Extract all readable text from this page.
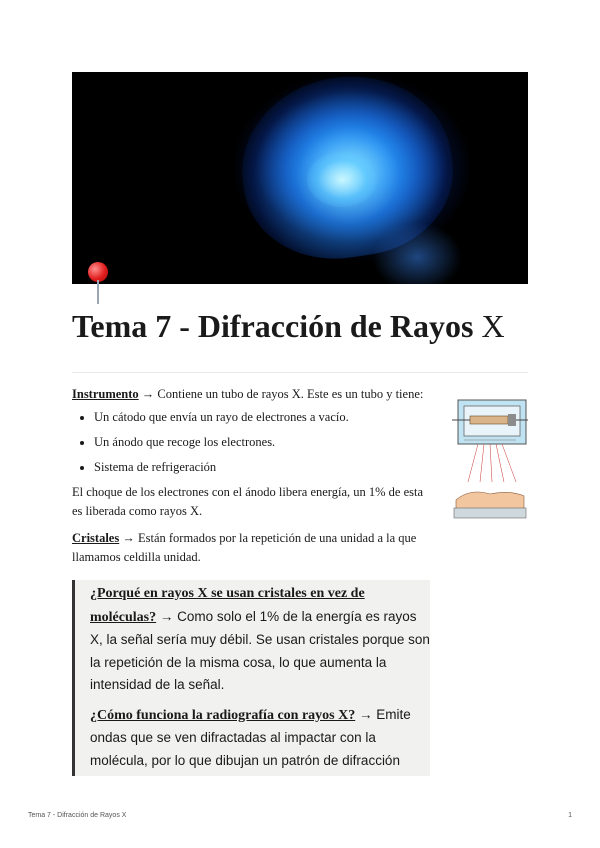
Tema 7 - Difracción de Rayos X

Instrumento → Contiene un tubo de rayos X. Este es un tubo y tiene:

• Un cátodo que envía un rayo de electrones a vacío.
• Un ánodo que recoge los electrones.
• Sistema de refrigeración

El choque de los electrones con el ánodo libera energía, un 1% de esta es liberada como rayos X.

Cristales → Están formados por la repetición de una unidad a la que llamamos celdilla unidad.

¿Porqué en rayos X se usan cristales en vez de moléculas? → Como solo el 1% de la energía es rayos X, la señal sería muy débil. Se usan cristales porque son la repetición de la misma cosa, lo que aumenta la intensidad de la señal.

¿Cómo funciona la radiografía con rayos X? → Emite ondas que se ven difractadas al impactar con la molécula, por lo que dibujan un patrón de difracción

Tema 7 - Difracción de Rayos X	1
